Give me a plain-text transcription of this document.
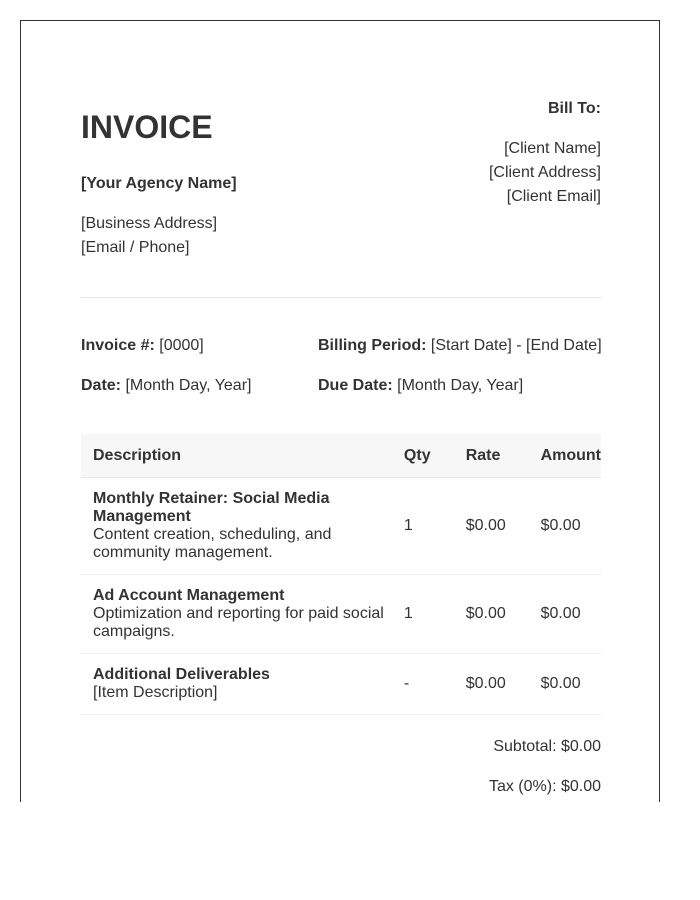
INVOICE
[Your Agency Name]
[Business Address]
[Email / Phone]
Bill To:
[Client Name]
[Client Address]
[Client Email]
Invoice #: [0000]	Billing Period: [Start Date] - [End Date]
Date: [Month Day, Year]	Due Date: [Month Day, Year]
Description	Qty	Rate	Amount

Monthly Retainer: Social Media Management
Content creation, scheduling, and community management.	1	$0.00	$0.00

Ad Account Management
Optimization and reporting for paid social campaigns.	1	$0.00	$0.00

Additional Deliverables
[Item Description]	-	$0.00	$0.00
Subtotal: $0.00
Tax (0%): $0.00
